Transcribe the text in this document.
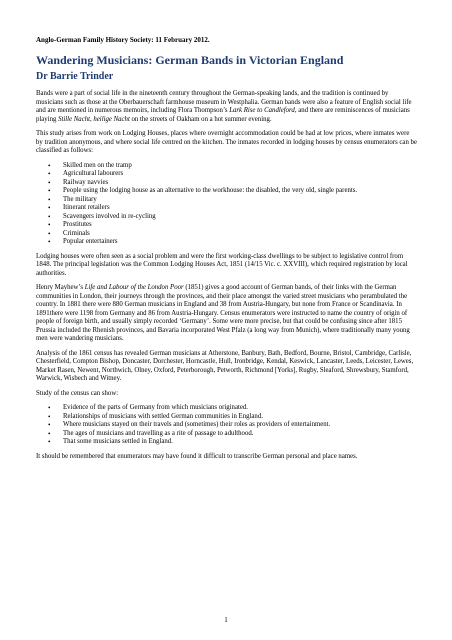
Anglo-German Family History Society: 11 February 2012.
Wandering Musicians: German Bands in Victorian England
Dr Barrie Trinder

Bands were a part of social life in the nineteenth century throughout the German-speaking lands, and the tradition is continued by musicians such as those at the Oberbauerschaft farmhouse museum in Westphalia. German bands were also a feature of English social life and are mentioned in numerous memoirs, including Flora Thompson’s Lark Rise to Candleford, and there are reminiscences of musicians playing Stille Nacht, heilige Nacht on the streets of Oakham on a hot summer evening.

This study arises from work on Lodging Houses, places where overnight accommodation could be had at low prices, where inmates were by tradition anonymous, and where social life centred on the kitchen. The inmates recorded in lodging houses by census enumerators can be classified as follows:

• Skilled men on the tramp
• Agricultural labourers
• Railway navvies
• People using the lodging house as an alternative to the workhouse: the disabled, the very old, single parents.
• The military
• Itinerant retailers
• Scavengers involved in re-cycling
• Prostitutes
• Criminals
• Popular entertainers

Lodging houses were often seen as a social problem and were the first working-class dwellings to be subject to legislative control from 1848. The principal legislation was the Common Lodging Houses Act, 1851 (14/15 Vic. c. XXVIII), which required registration by local authorities.

Henry Mayhew’s Life and Labour of the London Poor (1851) gives a good account of German bands, of their links with the German communities in London, their journeys through the provinces, and their place amongst the varied street musicians who perambulated the country. In 1881 there were 880 German musicians in England and 38 from Austria-Hungary, but none from France or Scandinavia. In 1891there were 1198 from Germany and 86 from Austria-Hungary. Census enumerators were instructed to name the country of origin of people of foreign birth, and usually simply recorded ‘Germany’. Some were more precise, but that could be confusing since after 1815 Prussia included the Rhenish provinces, and Bavaria incorporated West Pfalz (a long way from Munich), where traditionally many young men were wandering musicians.

Analysis of the 1861 census has revealed German musicians at Atherstone, Banbury, Bath, Bedford, Bourne, Bristol, Cambridge, Carlisle, Chesterfield, Compton Bishop, Doncaster, Dorchester, Horncastle, Hull, Ironbridge, Kendal, Keswick, Lancaster, Leeds, Leicester, Lewes, Market Rasen, Newent, Northwich, Olney, Oxford, Peterborough, Petworth, Richmond [Yorks], Rugby, Sleaford, Shrewsbury, Stamford, Warwick, Wisbech and Witney.

Study of the census can show:

• Evidence of the parts of Germany from which musicians originated.
• Relationships of musicians with settled German communities in England.
• Where musicians stayed on their travels and (sometimes) their roles as providers of entertainment.
• The ages of musicians and travelling as a rite of passage to adulthood.
• That some musicians settled in England.

It should be remembered that enumerators may have found it difficult to transcribe German personal and place names.

1
